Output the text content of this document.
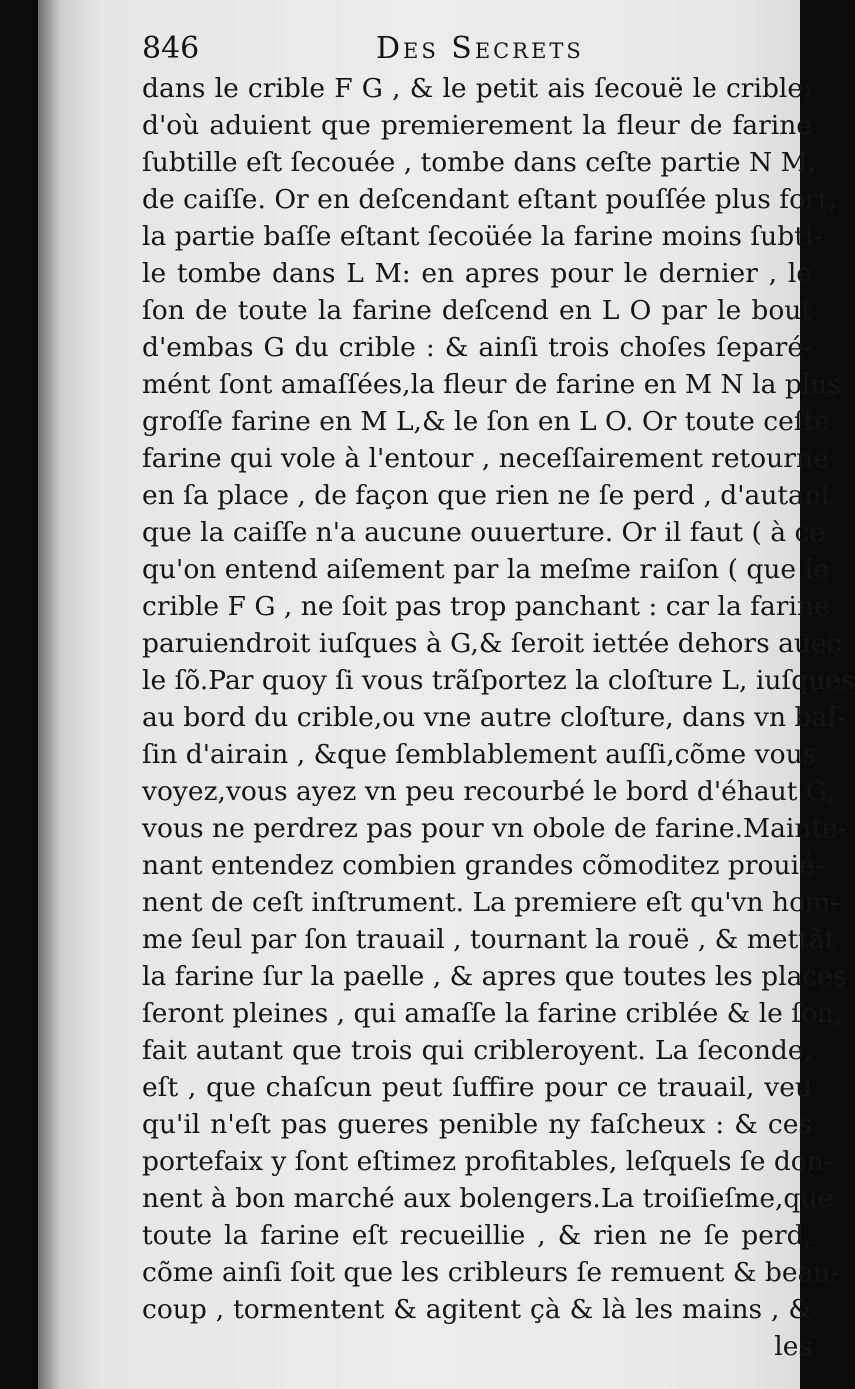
846	Des Secrets
dans le crible F G , & le petit ais ſecouë le crible:
d'où aduient que premierement la fleur de farine
ſubtille eſt ſecouée , tombe dans ceſte partie N M,
de caiſſe. Or en deſcendant eſtant pouſſée plus fort,
la partie baſſe eſtant ſecoüée la farine moins ſubti-
le tombe dans L M: en apres pour le dernier , le
ſon de toute la farine deſcend en L O par le bout
d'embas G du crible : & ainſi trois choſes ſeparé-
mént ſont amaſſées,la fleur de farine en M N la plus
groſſe farine en M L,& le ſon en L O. Or toute ceſte
farine qui vole à l'entour , neceſſairement retourne
en ſa place , de façon que rien ne ſe perd , d'autant
que la caiſſe n'a aucune ouuerture. Or il faut ( à ce
qu'on entend aiſement par la meſme raiſon ( que le
crible F G , ne ſoit pas trop panchant : car la farine
paruiendroit iuſques à G,& ſeroit iettée dehors auec
le ſõ.Par quoy ſi vous trãſportez la cloſture L, iuſques
au bord du crible,ou vne autre cloſture, dans vn baſ-
ſin d'airain , &que ſemblablement auſſi,cõme vous
voyez,vous ayez vn peu recourbé le bord d'éhaut G,
vous ne perdrez pas pour vn obole de farine.Mainte-
nant entendez combien grandes cõmoditez prouié-
nent de ceſt inſtrument. La premiere eſt qu'vn hom-
me ſeul par ſon trauail , tournant la rouë , & mettãt
la farine ſur la paelle , & apres que toutes les places
ſeront pleines , qui amaſſe la farine criblée & le ſon,
fait autant que trois qui cribleroyent. La ſeconde,
eſt , que chaſcun peut ſuffire pour ce trauail, veu
qu'il n'eſt pas gueres penible ny faſcheux : & ces
portefaix y ſont eſtimez profitables, leſquels ſe don-
nent à bon marché aux bolengers.La troiſieſme,que
toute la farine eſt recueillie , & rien ne ſe perd,
cõme ainſi ſoit que les cribleurs ſe remuent & beau-
coup , tormentent & agitent çà & là les mains , &
les
